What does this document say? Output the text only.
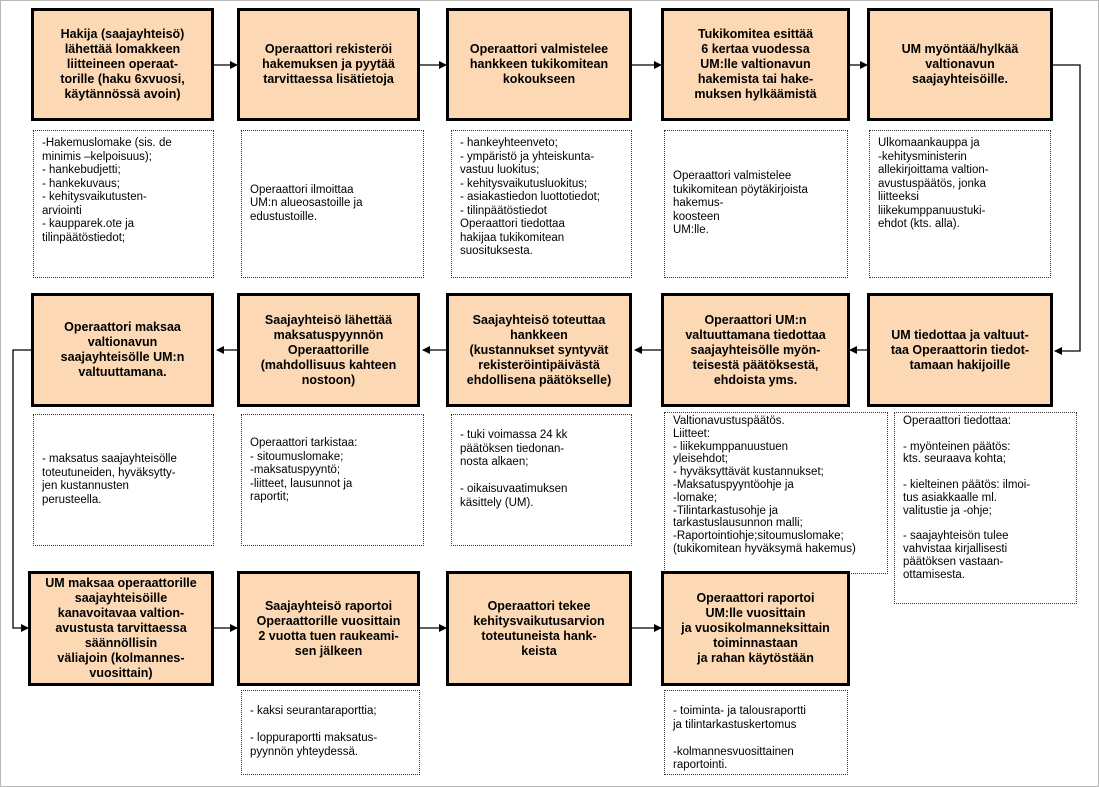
Hakija (saajayhteisö)
lähettää lomakkeen
liitteineen operaat-
torille (haku 6xvuosi,
käytännössä avoin)
Operaattori rekisteröi
hakemuksen ja pyytää
tarvittaessa lisätietoja
Operaattori valmistelee
hankkeen tukikomitean
kokoukseen
Tukikomitea esittää
6 kertaa vuodessa
UM:lle valtionavun
hakemista tai hake-
muksen hylkäämistä
UM myöntää/hylkää
valtionavun
saajayhteisöille.
-Hakemuslomake (sis. de
minimis –kelpoisuus);
- hankebudjetti;
- hankekuvaus;
- kehitysvaikutusten-
arviointi
- kaupparek.ote ja
tilinpäätöstiedot;
Operaattori ilmoittaa
UM:n alueosastoille ja
edustustoille.
- hankeyhteenveto;
- ympäristö ja yhteiskunta-
vastuu luokitus;
- kehitysvaikutusluokitus;
- asiakastiedon luottotiedot;
- tilinpäätöstiedot
Operaattori tiedottaa
hakijaa tukikomitean
suosituksesta.
Operaattori valmistelee
tukikomitean pöytäkirjoista
hakemus-
koosteen
UM:lle.
Ulkomaankauppa ja
-kehitysministerin
allekirjoittama valtion-
avustuspäätös, jonka
liitteeksi
liikekumppanuustuki-
ehdot (kts. alla).
Operaattori maksaa
valtionavun
saajayhteisölle UM:n
valtuuttamana.
Saajayhteisö lähettää
maksatuspyynnön
Operaattorille
(mahdollisuus kahteen
nostoon)
Saajayhteisö toteuttaa
hankkeen
(kustannukset syntyvät
rekisteröintipäivästä
ehdollisena päätökselle)
Operaattori UM:n
valtuuttamana tiedottaa
saajayhteisölle myön-
teisestä päätöksestä,
ehdoista yms.
UM tiedottaa ja valtuut-
taa Operaattorin tiedot-
tamaan hakijoille
- maksatus saajayhteisölle
toteutuneiden, hyväksytty-
jen kustannusten
perusteella.
Operaattori tarkistaa:
- sitoumuslomake;
-maksatuspyyntö;
-liitteet, lausunnot ja
raportit;
- tuki voimassa 24 kk
päätöksen tiedonan-
nosta alkaen;

- oikaisuvaatimuksen
käsittely (UM).
Valtionavustuspäätös.
Liitteet:
- liikekumppanuustuen
yleisehdot;
- hyväksyttävät kustannukset;
-Maksatuspyyntöohje ja
-lomake;
-Tilintarkastusohje ja
tarkastuslausunnon malli;
-Raportointiohje;sitoumuslomake;
(tukikomitean hyväksymä hakemus)
Operaattori tiedottaa:

- myönteinen päätös:
kts. seuraava kohta;

- kielteinen päätös: ilmoi-
tus asiakkaalle ml.
valitustie ja -ohje;

- saajayhteisön tulee
vahvistaa kirjallisesti
päätöksen vastaan-
ottamisesta.
UM maksaa operaattorille
saajayhteisöille
kanavoitavaa valtion-
avustusta tarvittaessa
säännöllisin
väliajoin (kolmannes-
vuosittain)
Saajayhteisö raportoi
Operaattorille vuosittain
2 vuotta tuen raukeami-
sen jälkeen
Operaattori tekee
kehitysvaikutusarvion
toteutuneista hank-
keista
Operaattori raportoi
UM:lle vuosittain
ja vuosikolmanneksittain
toiminnastaan
ja rahan käytöstään
- kaksi seurantaraporttia;

- loppuraportti maksatus-
pyynnön yhteydessä.
- toiminta- ja talousraportti
ja tilintarkastuskertomus

-kolmannesvuosittainen
raportointi.
